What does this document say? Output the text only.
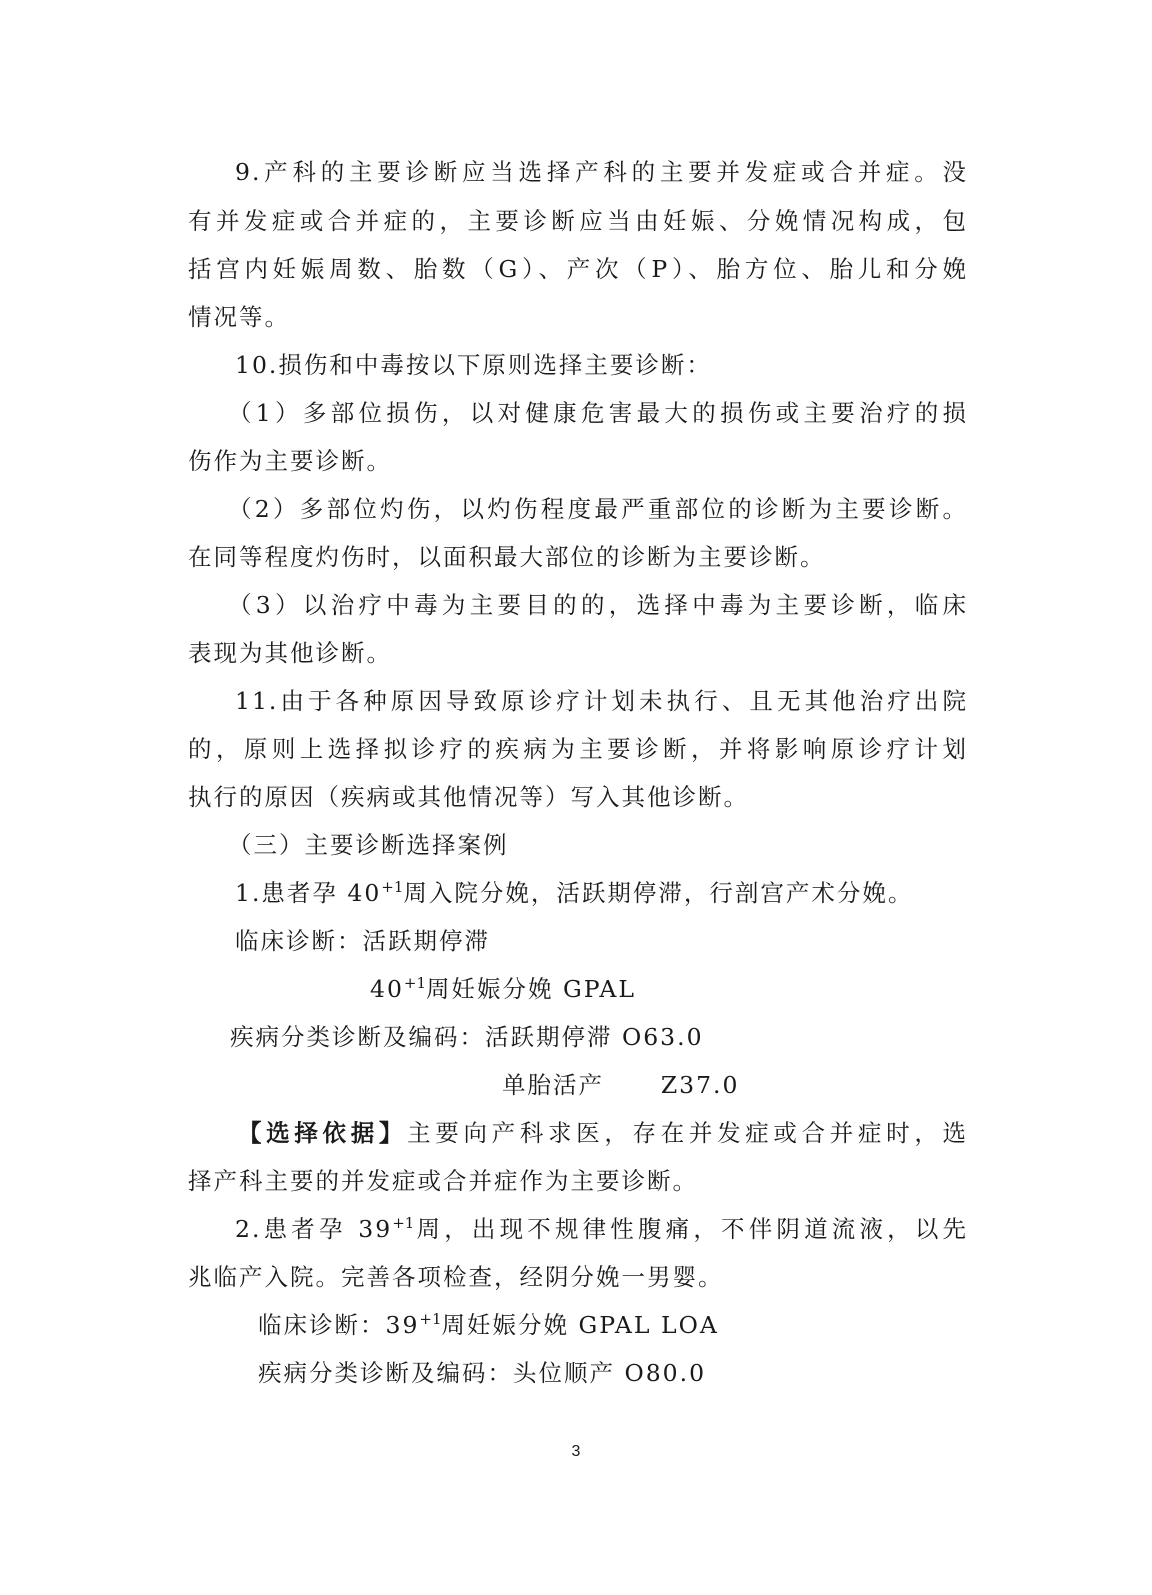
9.产科的主要诊断应当选择产科的主要并发症或合并症。没
有并发症或合并症的，主要诊断应当由妊娠、分娩情况构成，包
括宫内妊娠周数、胎数（G）、产次（P）、胎方位、胎儿和分娩
情况等。
10.损伤和中毒按以下原则选择主要诊断：
（1）多部位损伤，以对健康危害最大的损伤或主要治疗的损
伤作为主要诊断。
（2）多部位灼伤，以灼伤程度最严重部位的诊断为主要诊断。
在同等程度灼伤时，以面积最大部位的诊断为主要诊断。
（3）以治疗中毒为主要目的的，选择中毒为主要诊断，临床
表现为其他诊断。
11.由于各种原因导致原诊疗计划未执行、且无其他治疗出院
的，原则上选择拟诊疗的疾病为主要诊断，并将影响原诊疗计划
执行的原因（疾病或其他情况等）写入其他诊断。
（三）主要诊断选择案例
1.患者孕 $40^{+1}$周入院分娩，活跃期停滞，行剖宫产术分娩。
临床诊断：活跃期停滞
$40^{+1}$周妊娠分娩 GPAL
疾病分类诊断及编码：活跃期停滞 O63.0
单胎活产      Z37.0
【选择依据】主要向产科求医，存在并发症或合并症时，选
择产科主要的并发症或合并症作为主要诊断。
2.患者孕 $39^{+1}$周，出现不规律性腹痛，不伴阴道流液，以先
兆临产入院。完善各项检查，经阴分娩一男婴。
临床诊断：$39^{+1}$周妊娠分娩 GPAL LOA
疾病分类诊断及编码：头位顺产 O80.0
3
